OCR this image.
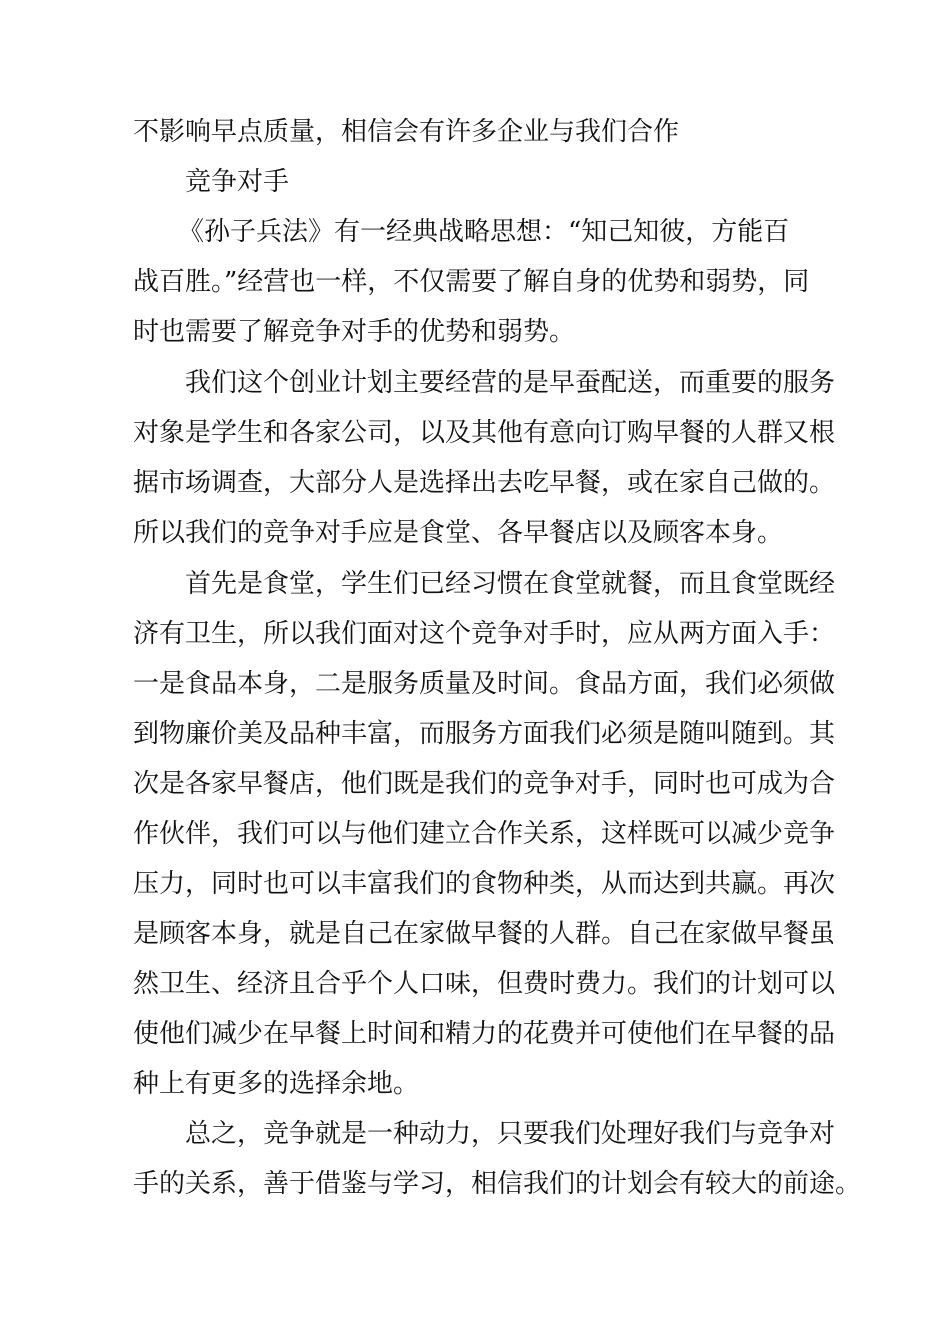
不影响早点质量，相信会有许多企业与我们合作
竞争对手
《孙子兵法》有一经典战略思想：“知己知彼，方能百
战百胜。”经营也一样，不仅需要了解自身的优势和弱势，同
时也需要了解竞争对手的优势和弱势。
我们这个创业计划主要经营的是早蚕配送，而重要的服务
对象是学生和各家公司，以及其他有意向订购早餐的人群又根
据市场调查，大部分人是选择出去吃早餐，或在家自己做的。
所以我们的竞争对手应是食堂、各早餐店以及顾客本身。
首先是食堂，学生们已经习惯在食堂就餐，而且食堂既经
济有卫生，所以我们面对这个竞争对手时，应从两方面入手：
一是食品本身，二是服务质量及时间。食品方面，我们必须做
到物廉价美及品种丰富，而服务方面我们必须是随叫随到。其
次是各家早餐店，他们既是我们的竞争对手，同时也可成为合
作伙伴，我们可以与他们建立合作关系，这样既可以减少竞争
压力，同时也可以丰富我们的食物种类，从而达到共赢。再次
是顾客本身，就是自己在家做早餐的人群。自己在家做早餐虽
然卫生、经济且合乎个人口味，但费时费力。我们的计划可以
使他们减少在早餐上时间和精力的花费并可使他们在早餐的品
种上有更多的选择余地。
总之，竞争就是一种动力，只要我们处理好我们与竞争对
手的关系，善于借鉴与学习，相信我们的计划会有较大的前途。
